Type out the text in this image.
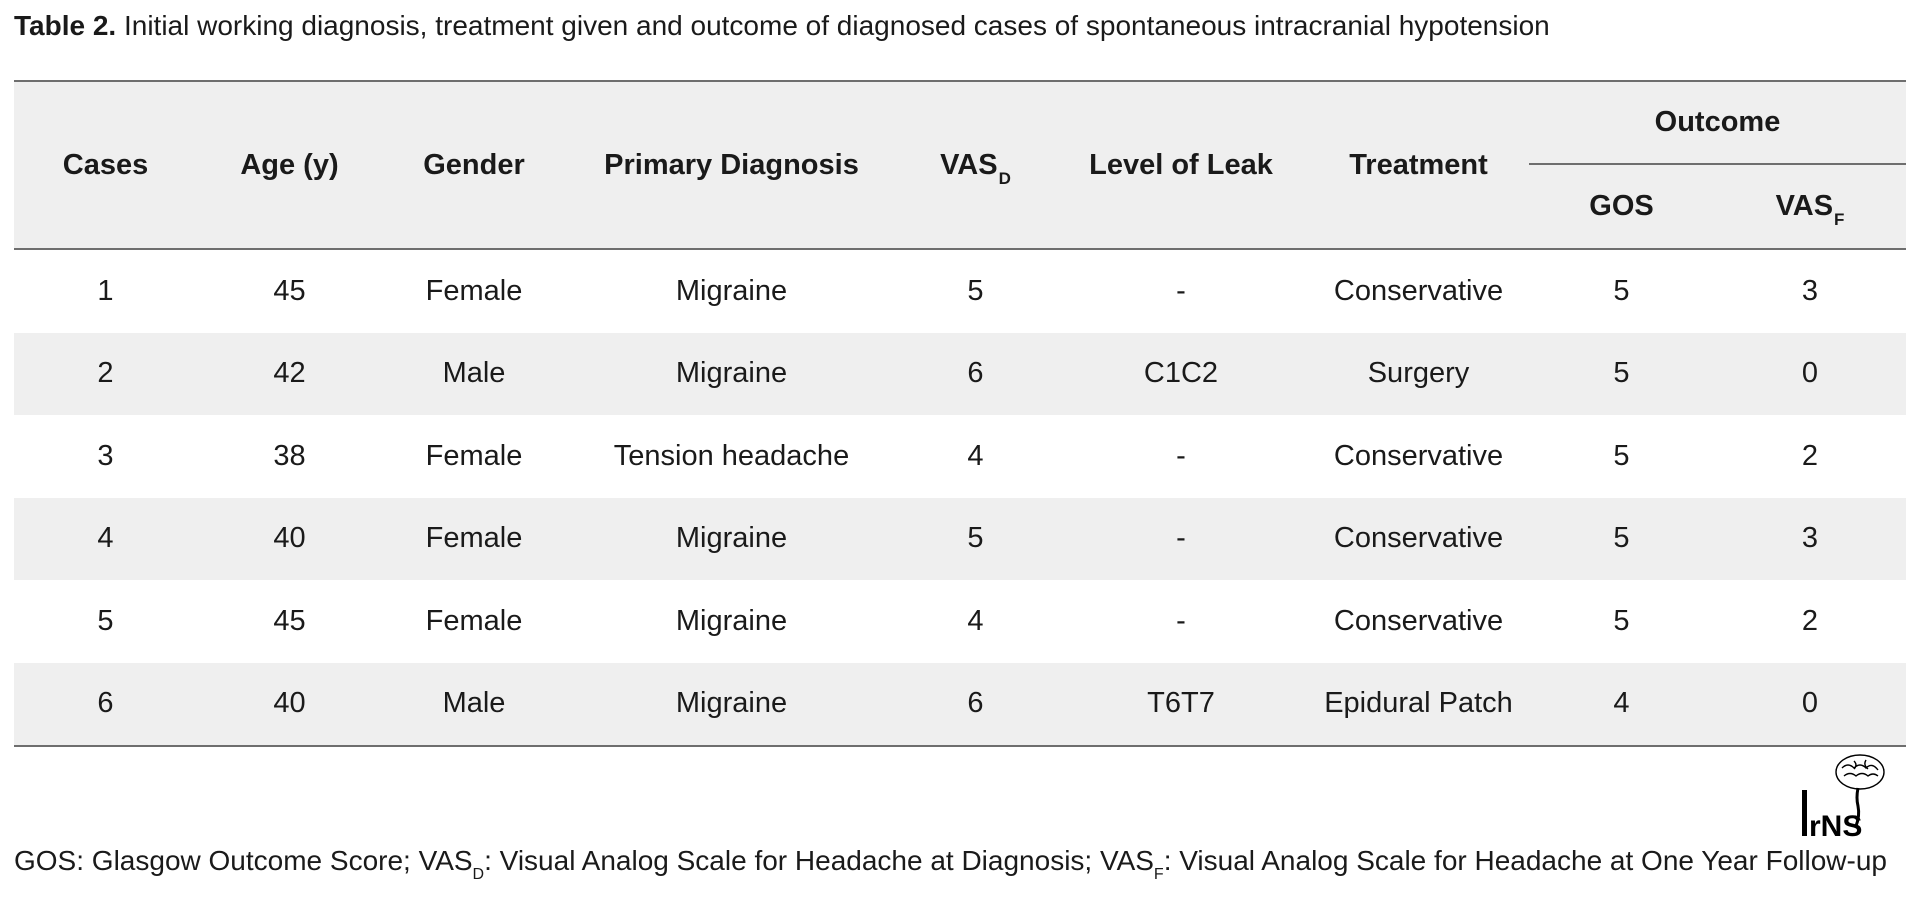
Table 2. Initial working diagnosis, treatment given and outcome of diagnosed cases of spontaneous intracranial hypotension
Cases	Age (y)	Gender	Primary Diagnosis	$VAS_D$	Level of Leak	Treatment	Outcome	
							GOS	$VAS_F$
1	45	Female	Migraine	5	-	Conservative	5	3
2	42	Male	Migraine	6	C1C2	Surgery	5	0
3	38	Female	Tension headache	4	-	Conservative	5	2
4	40	Female	Migraine	5	-	Conservative	5	3
5	45	Female	Migraine	4	-	Conservative	5	2
6	40	Male	Migraine	6	T6T7	Epidural Patch	4	0
rNS
GOS: Glasgow Outcome Score; $VAS_D$: Visual Analog Scale for Headache at Diagnosis; $VAS_F$: Visual Analog Scale for Headache at One Year Follow-up
